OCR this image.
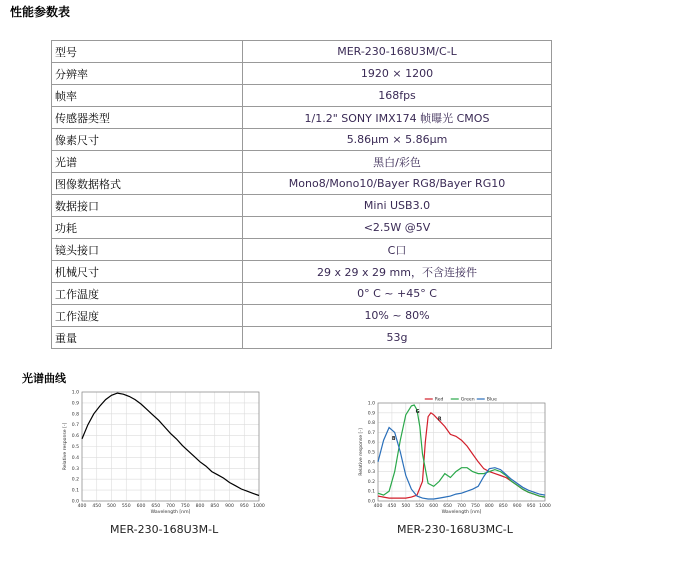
性能参数表
型号	MER-230-168U3M/C-L
分辨率	1920 × 1200
帧率	168fps
传感器类型	1/1.2" SONY IMX174 帧曝光 CMOS
像素尺寸	5.86μm × 5.86μm
光谱	黑白/彩色
图像数据格式	Mono8/Mono10/Bayer RG8/Bayer RG10
数据接口	Mini USB3.0
功耗	<2.5W @5V
镜头接口	C口
机械尺寸	29 x 29 x 29 mm，不含连接件
工作温度	0° C ~ +45° C
工作湿度	10% ~ 80%
重量	53g
光谱曲线
400 450 500 550 600 650 700 750 800 850 900 950 1000
0.0
0.1
0.2
0.3
0.4
0.5
0.6
0.7
0.8
0.9
1.0
Wavelength [nm]
Relative response [-]
MER-230-168U3M-L
400 450 500 550 600 650 700 750 800 850 900 950 1000
0.0
0.1
0.2
0.3
0.4
0.5
0.6
0.7
0.8
0.9
1.0
Wavelength [nm]
Relative response [-]
Red	Green	Blue
B
G
R
MER-230-168U3MC-L
